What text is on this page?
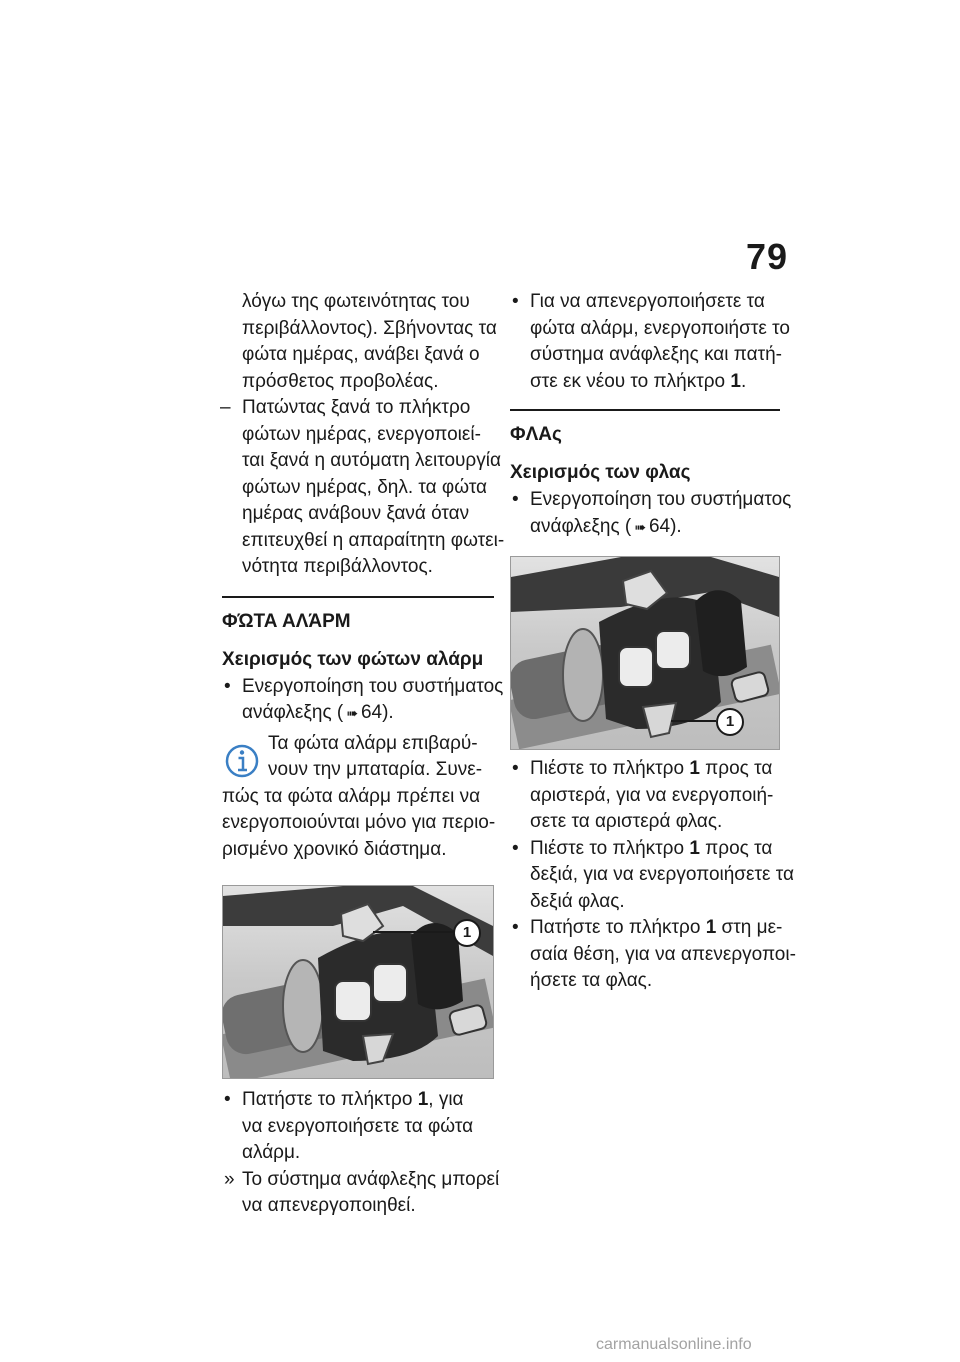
79
λόγω της φωτεινότητας του
περιβάλλοντος). Σβήνοντας τα
φώτα ημέρας, ανάβει ξανά ο
πρόσθετος προβολέας.
– Πατώντας ξανά το πλήκτρο
φώτων ημέρας, ενεργοποιεί-
ται ξανά η αυτόματη λειτουργία
φώτων ημέρας, δηλ. τα φώτα
ημέρας ανάβουν ξανά όταν
επιτευχθεί η απαραίτητη φωτει-
νότητα περιβάλλοντος.
ΦΏΤΑ ΑΛΆΡΜ
Χειρισμός των φώτων αλάρμ
• Ενεργοποίηση του συστήματος
ανάφλεξης ( ➠ 64).
Τα φώτα αλάρμ επιβαρύ-
νουν την μπαταρία. Συνε-
πώς τα φώτα αλάρμ πρέπει να
ενεργοποιούνται μόνο για περιο-
ρισμένο χρονικό διάστημα.
1
• Πατήστε το πλήκτρο 1, για
να ενεργοποιήσετε τα φώτα
αλάρμ.
» Το σύστημα ανάφλεξης μπορεί
να απενεργοποιηθεί.
• Για να απενεργοποιήσετε τα
φώτα αλάρμ, ενεργοποιήστε το
σύστημα ανάφλεξης και πατή-
στε εκ νέου το πλήκτρο 1.
ΦΛΑς
Χειρισμός των φλας
• Ενεργοποίηση του συστήματος
ανάφλεξης ( ➠ 64).
1
• Πιέστε το πλήκτρο 1 προς τα
αριστερά, για να ενεργοποιή-
σετε τα αριστερά φλας.
• Πιέστε το πλήκτρο 1 προς τα
δεξιά, για να ενεργοποιήσετε τα
δεξιά φλας.
• Πατήστε το πλήκτρο 1 στη με-
σαία θέση, για να απενεργοποι-
ήσετε τα φλας.
carmanualsonline.info
